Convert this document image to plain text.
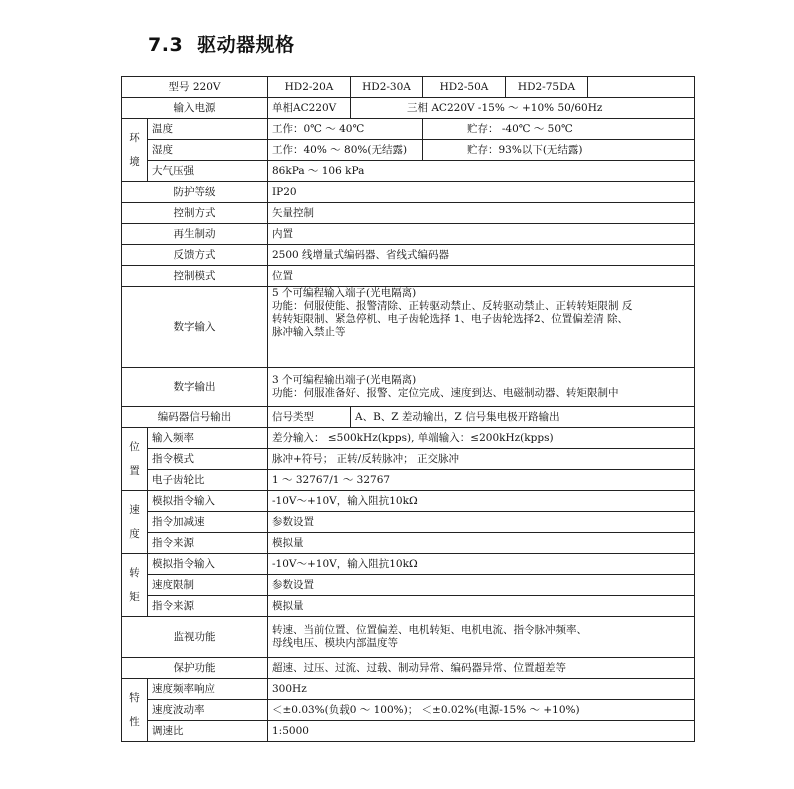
7.3 驱动器规格
型号 220V		HD2-20A	HD2-30A	HD2-50A	HD2-75DA	
输入电源		单相AC220V	三相 AC220V -15% ～ +10% 50/60Hz			

环
境	温度	工作：0℃ ～ 40℃		贮存： -40℃ ～ 50℃		
	湿度	工作：40% ～ 80%(无结露)		贮存：93%以下(无结露)		
	大气压强	86kPa ～ 106 kPa				
防护等级		IP20				
控制方式		矢量控制				
再生制动		内置				
反馈方式		2500 线增量式编码器、省线式编码器				
控制模式		位置				
数字输入		5 个可编程输入端子(光电隔离)
功能：伺服使能、报警清除、正转驱动禁止、反转驱动禁止、正转转矩限制 反
转转矩限制、紧急停机、电子齿轮选择 1、电子齿轮选择2、位置偏差清 除、
脉冲输入禁止等				

数字输出		3 个可编程输出端子(光电隔离)
功能：伺服准备好、报警、定位完成、速度到达、电磁制动器、转矩限制中				

编码器信号输出		信号类型	A、B、Z 差动输出，Z 信号集电极开路输出			

位
置	输入频率	差分输入： ≤500kHz(kpps), 单端输入：≤200kHz(kpps)				
	指令模式	脉冲+符号； 正转/反转脉冲； 正交脉冲				
	电子齿轮比	1 ～ 32767/1 ～ 32767				

速
度	模拟指令输入	-10V～+10V，输入阻抗10kΩ				
	指令加减速	参数设置				
	指令来源	模拟量				

转
矩	模拟指令输入	-10V～+10V，输入阻抗10kΩ				
	速度限制	参数设置				
	指令来源	模拟量				
监视功能		转速、当前位置、位置偏差、电机转矩、电机电流、指令脉冲频率、
母线电压、模块内部温度等				

保护功能		超速、过压、过流、过载、制动异常、编码器异常、位置超差等				

特
性	速度频率响应	300Hz				
	速度波动率	＜±0.03%(负载0 ～ 100%)； ＜±0.02%(电源-15% ～ +10%)				
	调速比	1:5000				
